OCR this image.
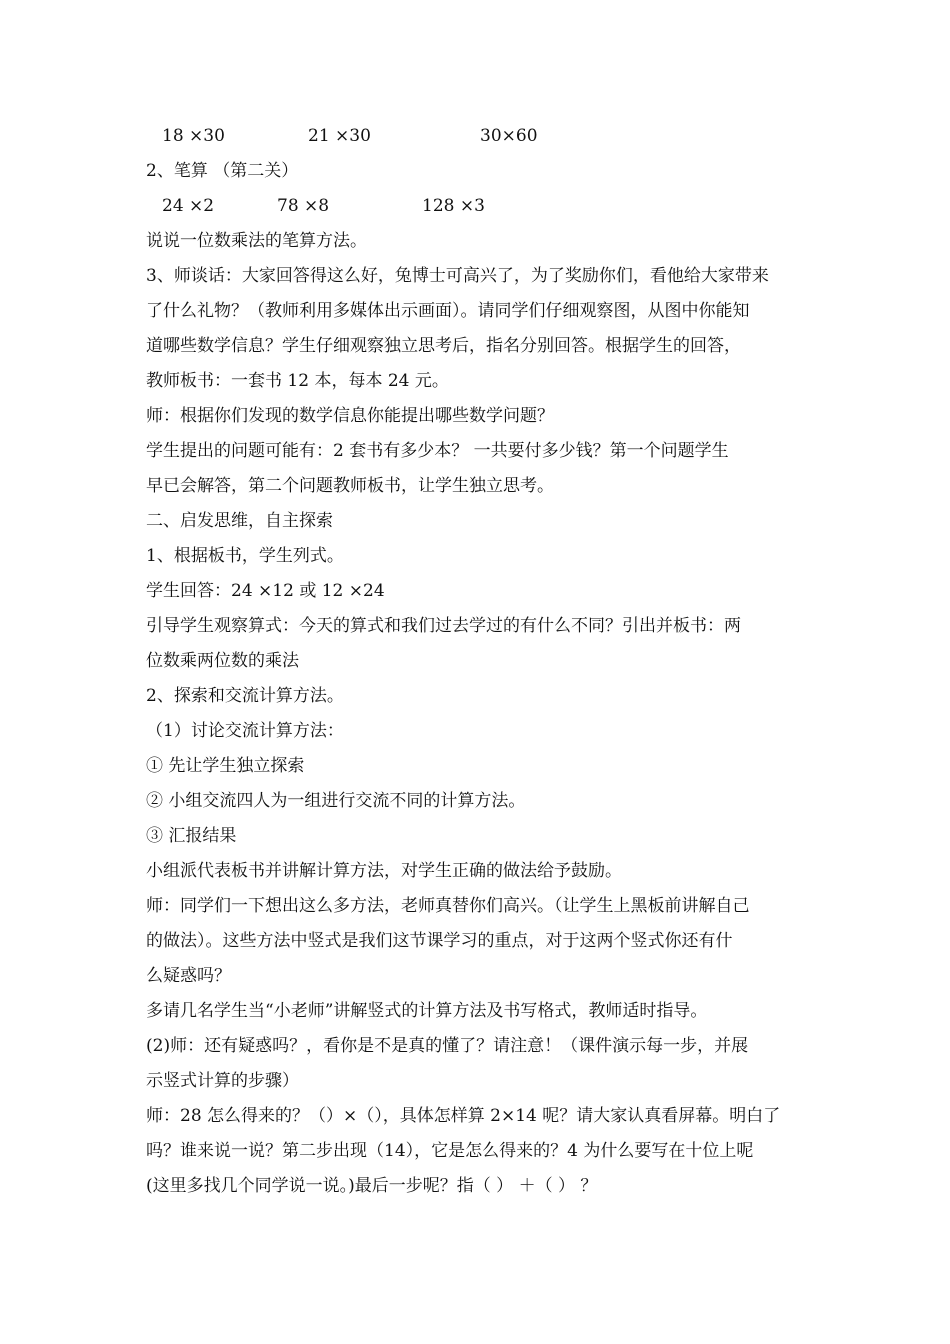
18 ×30	21 ×30	30×60
2、笔算 （第二关）
24 ×2	78 ×8	128 ×3
说说一位数乘法的笔算方法。
3、师谈话：大家回答得这么好，兔博士可高兴了，为了奖励你们，看他给大家带来
了什么礼物？（教师利用多媒体出示画面）。请同学们仔细观察图，从图中你能知
道哪些数学信息？学生仔细观察独立思考后，指名分别回答。根据学生的回答，
教师板书：一套书 12 本，每本 24 元。
师：根据你们发现的数学信息你能提出哪些数学问题？
学生提出的问题可能有：2 套书有多少本？ 一共要付多少钱？第一个问题学生
早已会解答，第二个问题教师板书，让学生独立思考。
二、启发思维，自主探索
1、根据板书，学生列式。
学生回答：24 ×12 或 12 ×24
引导学生观察算式：今天的算式和我们过去学过的有什么不同？引出并板书：两
位数乘两位数的乘法
2、探索和交流计算方法。
（1）讨论交流计算方法：
① 先让学生独立探索
② 小组交流四人为一组进行交流不同的计算方法。
③ 汇报结果
小组派代表板书并讲解计算方法，对学生正确的做法给予鼓励。
师：同学们一下想出这么多方法，老师真替你们高兴。（让学生上黑板前讲解自己
的做法）。这些方法中竖式是我们这节课学习的重点，对于这两个竖式你还有什
么疑惑吗？
多请几名学生当“小老师”讲解竖式的计算方法及书写格式，教师适时指导。
(2)师：还有疑惑吗？，看你是不是真的懂了？请注意！（课件演示每一步，并展
示竖式计算的步骤）
师：28 怎么得来的？（）×（），具体怎样算 2×14 呢？请大家认真看屏幕。明白了
吗？谁来说一说？第二步出现（14），它是怎么得来的？4 为什么要写在十位上呢
(这里多找几个同学说一说。)最后一步呢？指（ ） ＋（ ） ？
